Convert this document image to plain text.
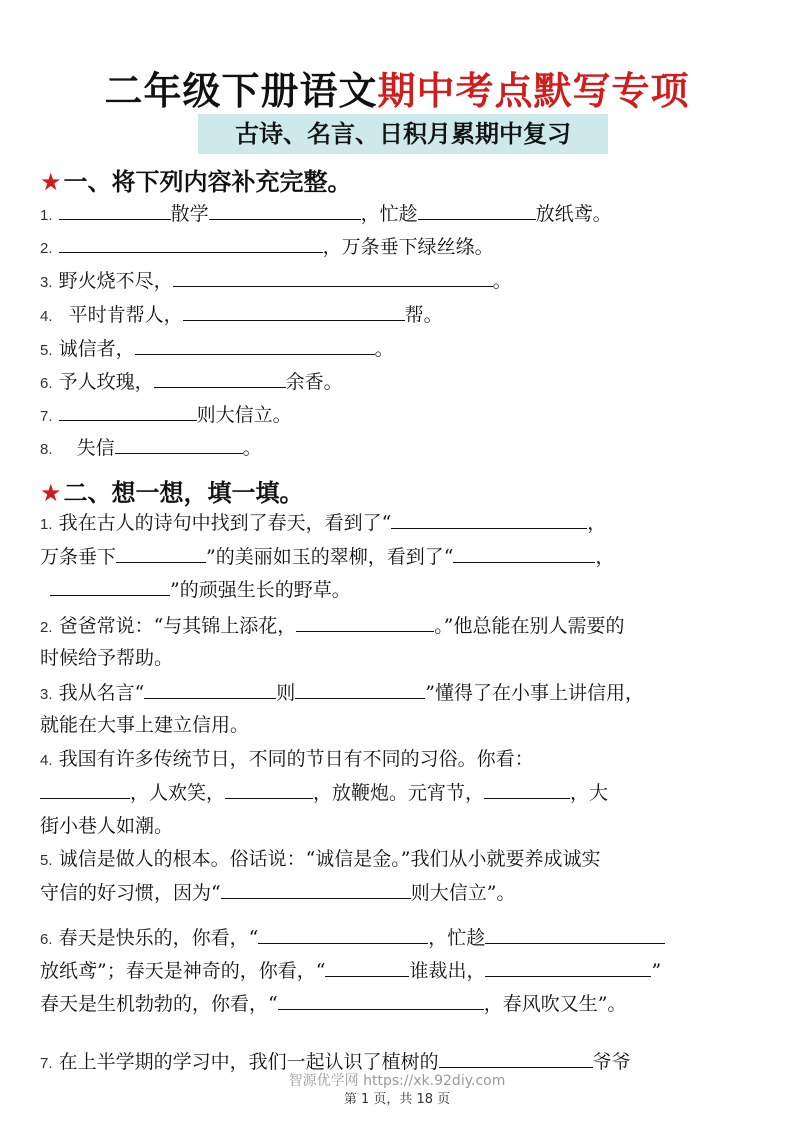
二年级下册语文期中考点默写专项
古诗、名言、日积月累期中复习
★一、将下列内容补充完整。
1.	散学	，忙趁	放纸鸢。
2.	，万条垂下绿丝绦。
3. 野火烧不尽，	。
4. 平时肯帮人，	帮。
5. 诚信者，	。
6. 予人玫瑰，	余香。
7.	则大信立。
8. 失信	。
★二、想一想，填一填。
1. 我在古人的诗句中找到了春天，看到了“	，
万条垂下	”的美丽如玉的翠柳，看到了“	，
”的顽强生长的野草。
2. 爸爸常说：“与其锦上添花，	。”他总能在别人需要的
时候给予帮助。
3. 我从名言“	则	”懂得了在小事上讲信用，
就能在大事上建立信用。
4. 我国有许多传统节日，不同的节日有不同的习俗。你看：
，人欢笑，	，放鞭炮。元宵节，	，大
街小巷人如潮。
5. 诚信是做人的根本。俗话说：“诚信是金。”我们从小就要养成诚实
守信的好习惯，因为“	则大信立”。
6. 春天是快乐的，你看，“	，忙趁
放纸鸢”；春天是神奇的，你看，“	谁裁出，	”
春天是生机勃勃的，你看，“	，春风吹又生”。
7. 在上半学期的学习中，我们一起认识了植树的	爷爷
智源优学网 https://xk.92diy.com
第 1 页，共 18 页
